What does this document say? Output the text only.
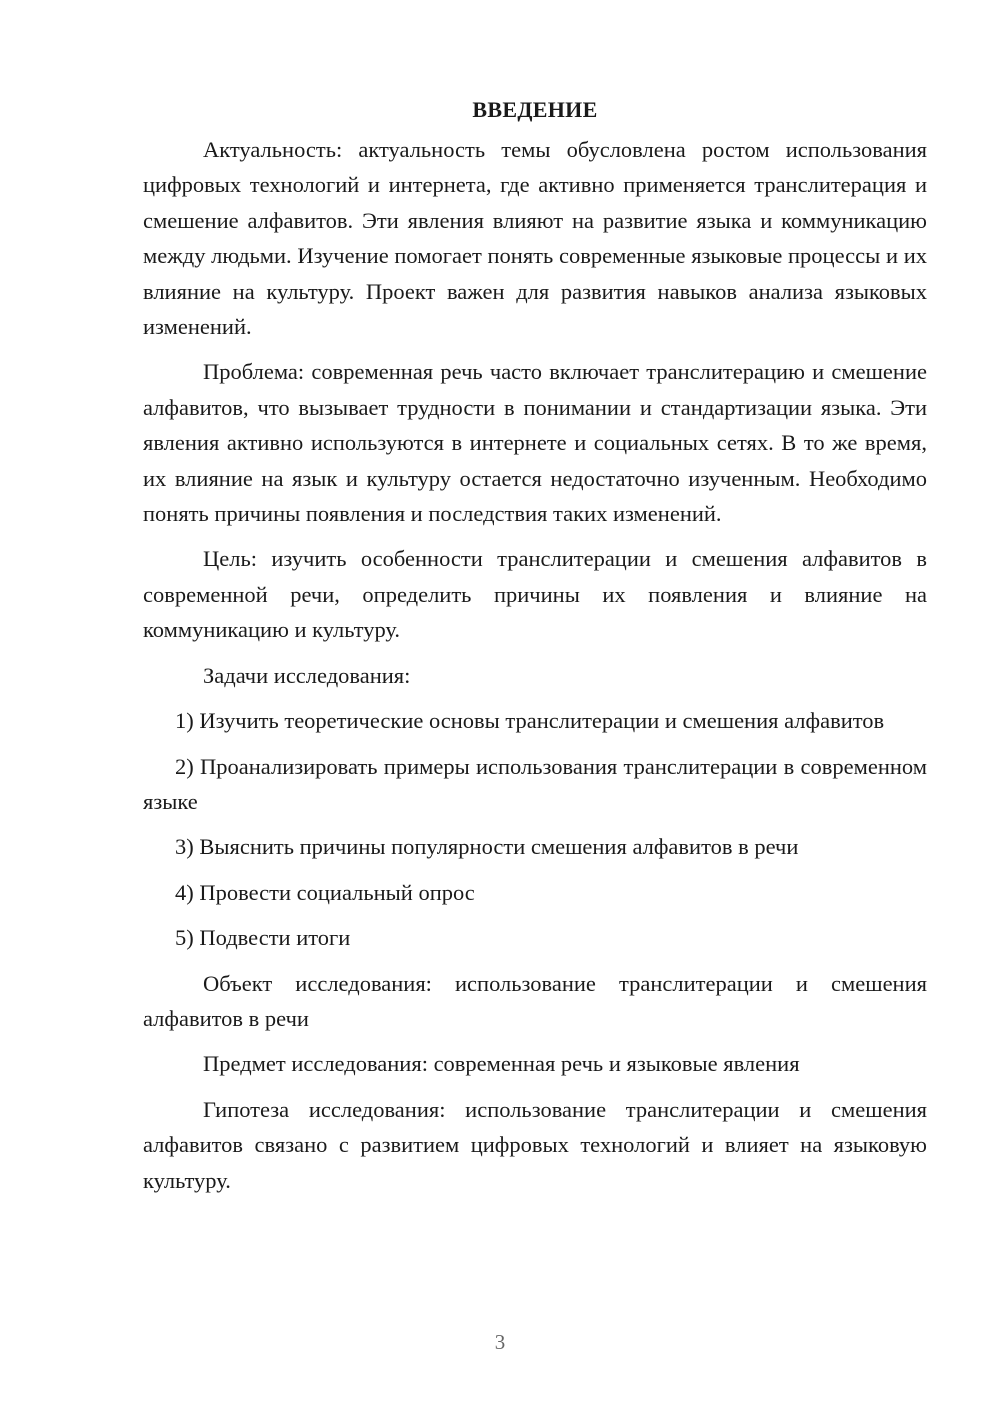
ВВЕДЕНИЕ

Актуальность: актуальность темы обусловлена ростом использования цифровых технологий и интернета, где активно применяется транслитерация и смешение алфавитов. Эти явления влияют на развитие языка и коммуникацию между людьми. Изучение помогает понять современные языковые процессы и их влияние на культуру. Проект важен для развития навыков анализа языковых изменений.

Проблема: современная речь часто включает транслитерацию и смешение алфавитов, что вызывает трудности в понимании и стандартизации языка. Эти явления активно используются в интернете и социальных сетях. В то же время, их влияние на язык и культуру остается недостаточно изученным. Необходимо понять причины появления и последствия таких изменений.

Цель: изучить особенности транслитерации и смешения алфавитов в современной речи, определить причины их появления и влияние на коммуникацию и культуру.

Задачи исследования:

1) Изучить теоретические основы транслитерации и смешения алфавитов

2) Проанализировать примеры использования транслитерации в современном языке

3) Выяснить причины популярности смешения алфавитов в речи

4) Провести социальный опрос

5) Подвести итоги

Объект исследования: использование транслитерации и смешения алфавитов в речи

Предмет исследования: современная речь и языковые явления

Гипотеза исследования: использование транслитерации и смешения алфавитов связано с развитием цифровых технологий и влияет на языковую культуру.

3
